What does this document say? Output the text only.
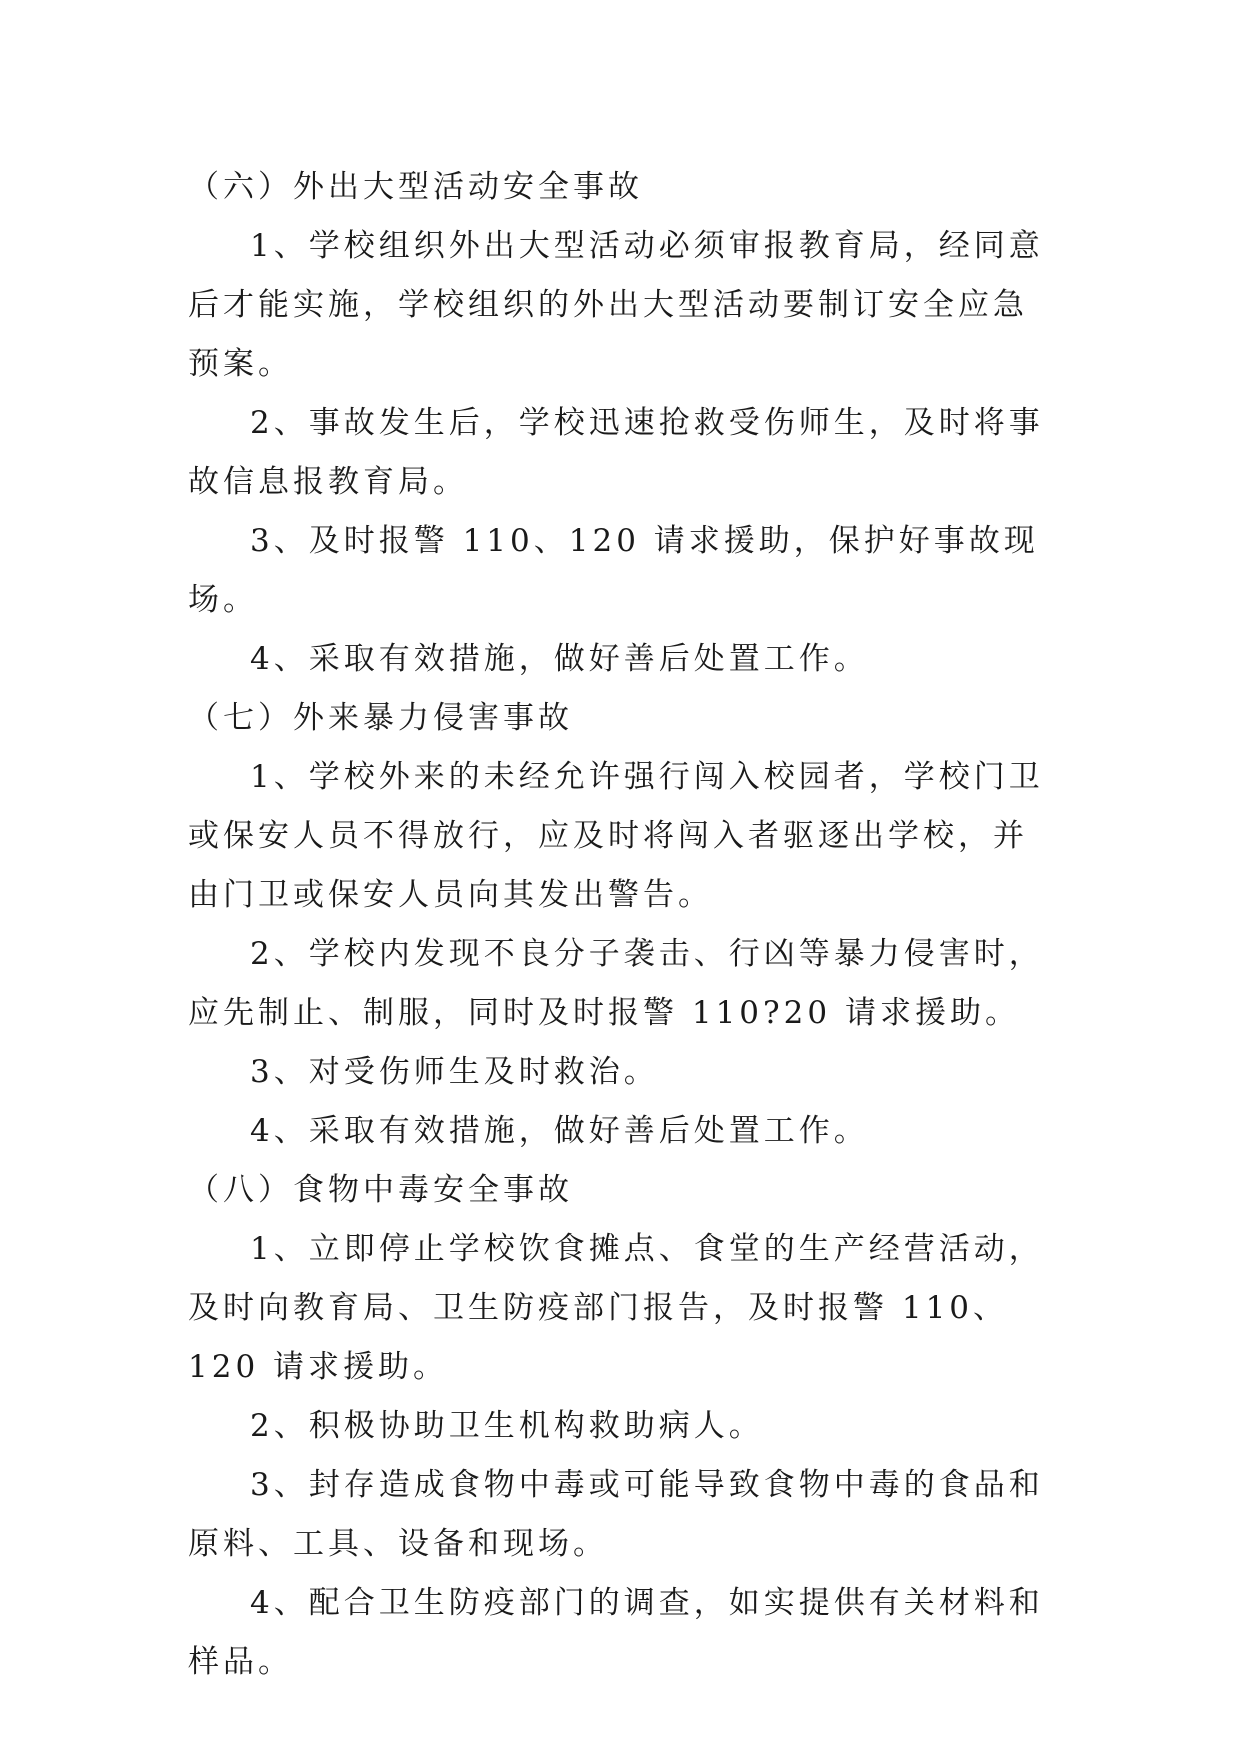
（六）外出大型活动安全事故

1、学校组织外出大型活动必须审报教育局，经同意后才能实施，学校组织的外出大型活动要制订安全应急预案。

2、事故发生后，学校迅速抢救受伤师生，及时将事故信息报教育局。

3、及时报警 110、120 请求援助，保护好事故现场。

4、采取有效措施，做好善后处置工作。

（七）外来暴力侵害事故

1、学校外来的未经允许强行闯入校园者，学校门卫或保安人员不得放行，应及时将闯入者驱逐出学校，并由门卫或保安人员向其发出警告。

2、学校内发现不良分子袭击、行凶等暴力侵害时，应先制止、制服，同时及时报警 110?20 请求援助。

3、对受伤师生及时救治。

4、采取有效措施，做好善后处置工作。

（八）食物中毒安全事故

1、立即停止学校饮食摊点、食堂的生产经营活动，及时向教育局、卫生防疫部门报告，及时报警 110、120 请求援助。

2、积极协助卫生机构救助病人。

3、封存造成食物中毒或可能导致食物中毒的食品和原料、工具、设备和现场。

4、配合卫生防疫部门的调查，如实提供有关材料和样品。
